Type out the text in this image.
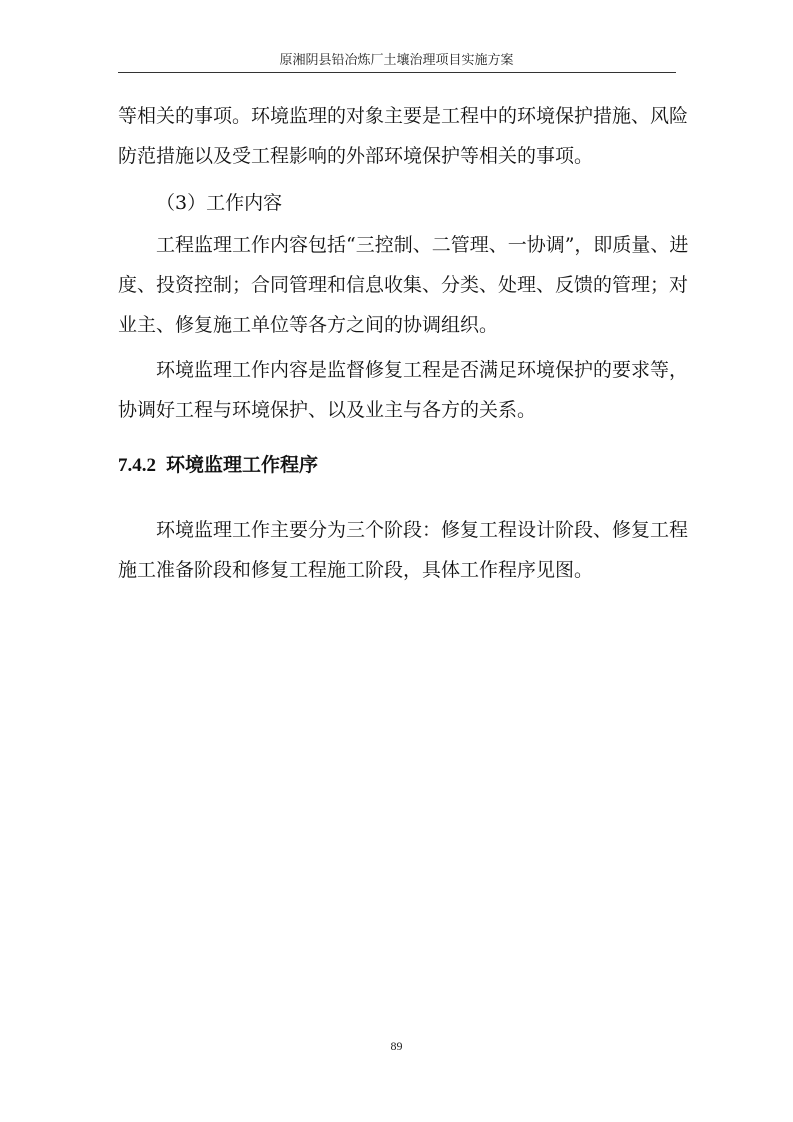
原湘阴县铅冶炼厂土壤治理项目实施方案
等相关的事项。环境监理的对象主要是工程中的环境保护措施、风险
防范措施以及受工程影响的外部环境保护等相关的事项。
（3）工作内容
工程监理工作内容包括“三控制、二管理、一协调”，即质量、进
度、投资控制；合同管理和信息收集、分类、处理、反馈的管理；对
业主、修复施工单位等各方之间的协调组织。
环境监理工作内容是监督修复工程是否满足环境保护的要求等，
协调好工程与环境保护、以及业主与各方的关系。
7.4.2 环境监理工作程序
环境监理工作主要分为三个阶段：修复工程设计阶段、修复工程
施工准备阶段和修复工程施工阶段，具体工作程序见图。
89
